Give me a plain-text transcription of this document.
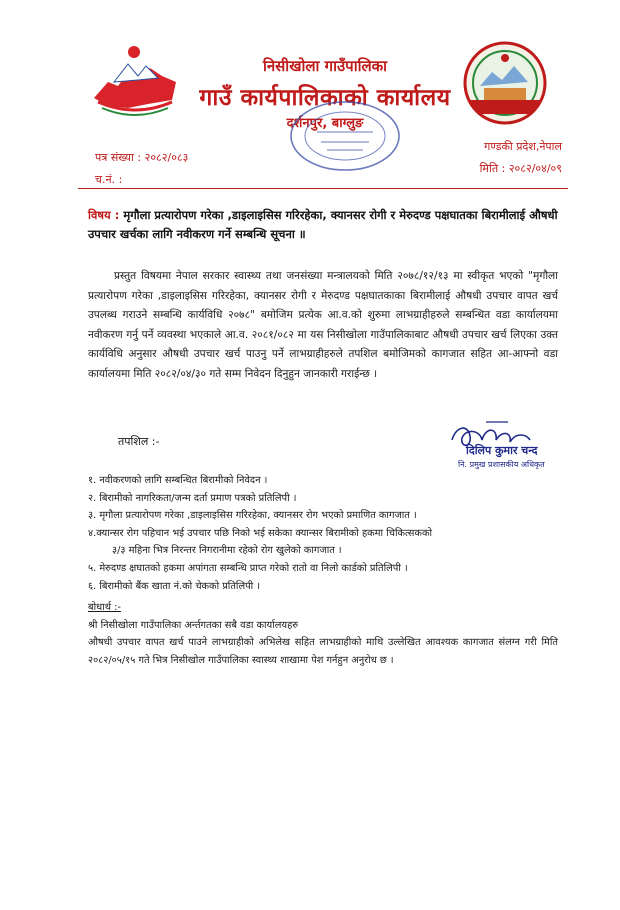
निसीखोला गाउँपालिका
गाउँ कार्यपालिकाको कार्यालय
दर्शनपुर, बाग्लुङ
पत्र संख्या : २०८२/०८३
च.नं. :
गण्डकी प्रदेश,नेपाल
मिति : २०८२/०४/०९
विषय : मृगौला प्रत्यारोपण गरेका ,डाइलाइसिस गरिरहेका, क्यानसर रोगी र मेरुदण्ड पक्षघातका बिरामीलाई औषधी उपचार खर्चका लागि नवीकरण गर्ने सम्बन्धि सूचना ॥
प्रस्तुत विषयमा नेपाल सरकार स्वास्थ्य तथा जनसंख्या मन्त्रालयको मिति २०७८/१२/१३ मा स्वीकृत भएको "मृगौला प्रत्यारोपण गरेका ,डाइलाइसिस गरिरहेका, क्यानसर रोगी र मेरुदण्ड पक्षघातकाका बिरामीलाई औषधी उपचार वापत खर्च उपलब्ध गराउने सम्बन्धि कार्यविधि २०७८" बमोजिम प्रत्येक आ.व.को शुरुमा लाभग्राहीहरुले सम्बन्धित वडा कार्यालयमा नवीकरण गर्नु पर्ने व्यवस्था भएकाले आ.व. २०८१/०८२ मा यस निसीखोला गाउँपालिकाबाट औषधी उपचार खर्च लिएका उक्त कार्यविधि अनुसार औषधी उपचार खर्च पाउनु पर्ने लाभग्राहीहरुले तपशिल बमोजिमको कागजात सहित आ-आफ्नो वडा कार्यालयमा मिति २०८२/०४/३० गते सम्म निवेदन दिनुहुन जानकारी गराईन्छ ।
तपशिल :-
दिलिप कुमार चन्द
नि. प्रमुख प्रशासकीय अधिकृत
१. नवीकरणको लागि सम्बन्धित बिरामीको निवेदन ।
२. बिरामीको नागरिकता/जन्म दर्ता प्रमाण पत्रको प्रतिलिपी ।
३. मृगौला प्रत्यारोपण गरेका ,डाइलाइसिस गरिरहेका, क्यानसर रोग भएको प्रमाणित कागजात ।
४.क्यान्सर रोग पहिचान भई उपचार पछि निको भई सकेका क्यान्सर बिरामीको हकमा चिकित्सकको
३/३ महिना भित्र निरन्तर निगरानीमा रहेको रोग खुलेको कागजात ।
५. मेरुदण्ड क्षघातको हकमा अपांगता सम्बन्धि प्राप्त गरेको रातो वा निलो कार्डको प्रतिलिपी ।
६. बिरामीको बैंक खाता नं.को चेकको प्रतिलिपी ।
बोधार्थ :-
श्री निसीखोला गाउँपालिका अर्न्तगतका सबै वडा कार्यालयहरु
औषधी उपचार वापत खर्च पाउने लाभग्राहीको अभिलेख सहित लाभग्राहीको माथि उल्लेखित आवश्यक कागजात संलग्न गरी मिति २०८२/०५/१५ गते भित्र निसीखोल गाउँपालिका स्वास्थ्य शाखामा पेश गर्नहुन अनुरोध छ ।
